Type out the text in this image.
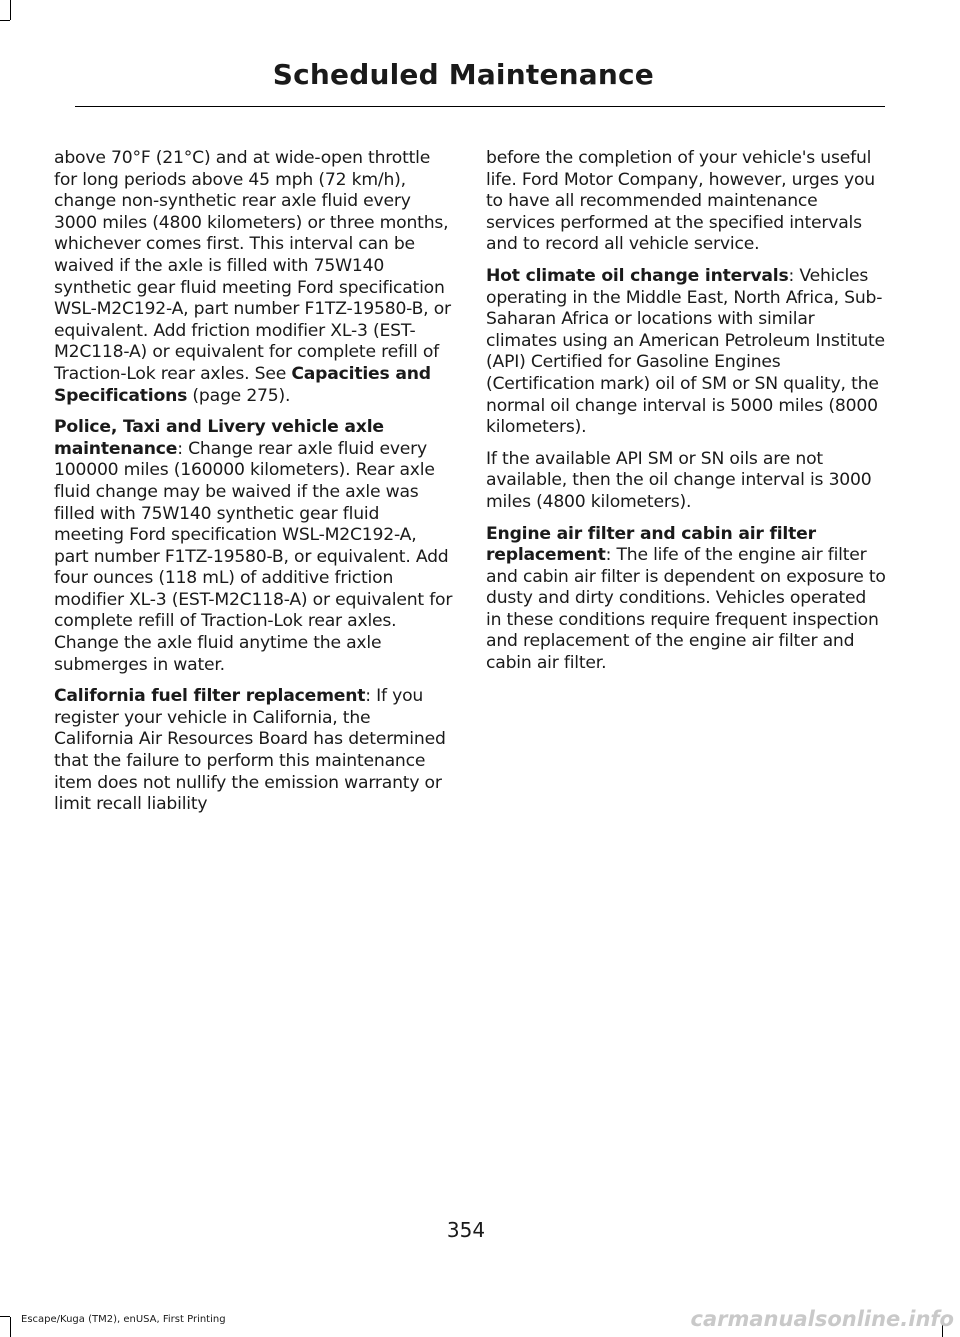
Scheduled Maintenance

above 70°F (21°C) and at wide-open throttle for long periods above 45 mph (72 km/h), change non-synthetic rear axle fluid every 3000 miles (4800 kilometers) or three months, whichever comes first. This interval can be waived if the axle is filled with 75W140 synthetic gear fluid meeting Ford specification WSL-M2C192-A, part number F1TZ-19580-B, or equivalent. Add friction modifier XL-3 (EST-M2C118-A) or equivalent for complete refill of Traction-Lok rear axles. See Capacities and Specifications (page 275).

Police, Taxi and Livery vehicle axle maintenance: Change rear axle fluid every 100000 miles (160000 kilometers). Rear axle fluid change may be waived if the axle was filled with 75W140 synthetic gear fluid meeting Ford specification WSL-M2C192-A, part number F1TZ-19580-B, or equivalent. Add four ounces (118 mL) of additive friction modifier XL-3 (EST-M2C118-A) or equivalent for complete refill of Traction-Lok rear axles. Change the axle fluid anytime the axle submerges in water.

California fuel filter replacement: If you register your vehicle in California, the California Air Resources Board has determined that the failure to perform this maintenance item does not nullify the emission warranty or limit recall liability

before the completion of your vehicle's useful life. Ford Motor Company, however, urges you to have all recommended maintenance services performed at the specified intervals and to record all vehicle service.

Hot climate oil change intervals: Vehicles operating in the Middle East, North Africa, Sub-Saharan Africa or locations with similar climates using an American Petroleum Institute (API) Certified for Gasoline Engines (Certification mark) oil of SM or SN quality, the normal oil change interval is 5000 miles (8000 kilometers).

If the available API SM or SN oils are not available, then the oil change interval is 3000 miles (4800 kilometers).

Engine air filter and cabin air filter replacement: The life of the engine air filter and cabin air filter is dependent on exposure to dusty and dirty conditions. Vehicles operated in these conditions require frequent inspection and replacement of the engine air filter and cabin air filter.

354
Escape/Kuga (TM2), enUSA, First Printing	carmanualsonline.info
